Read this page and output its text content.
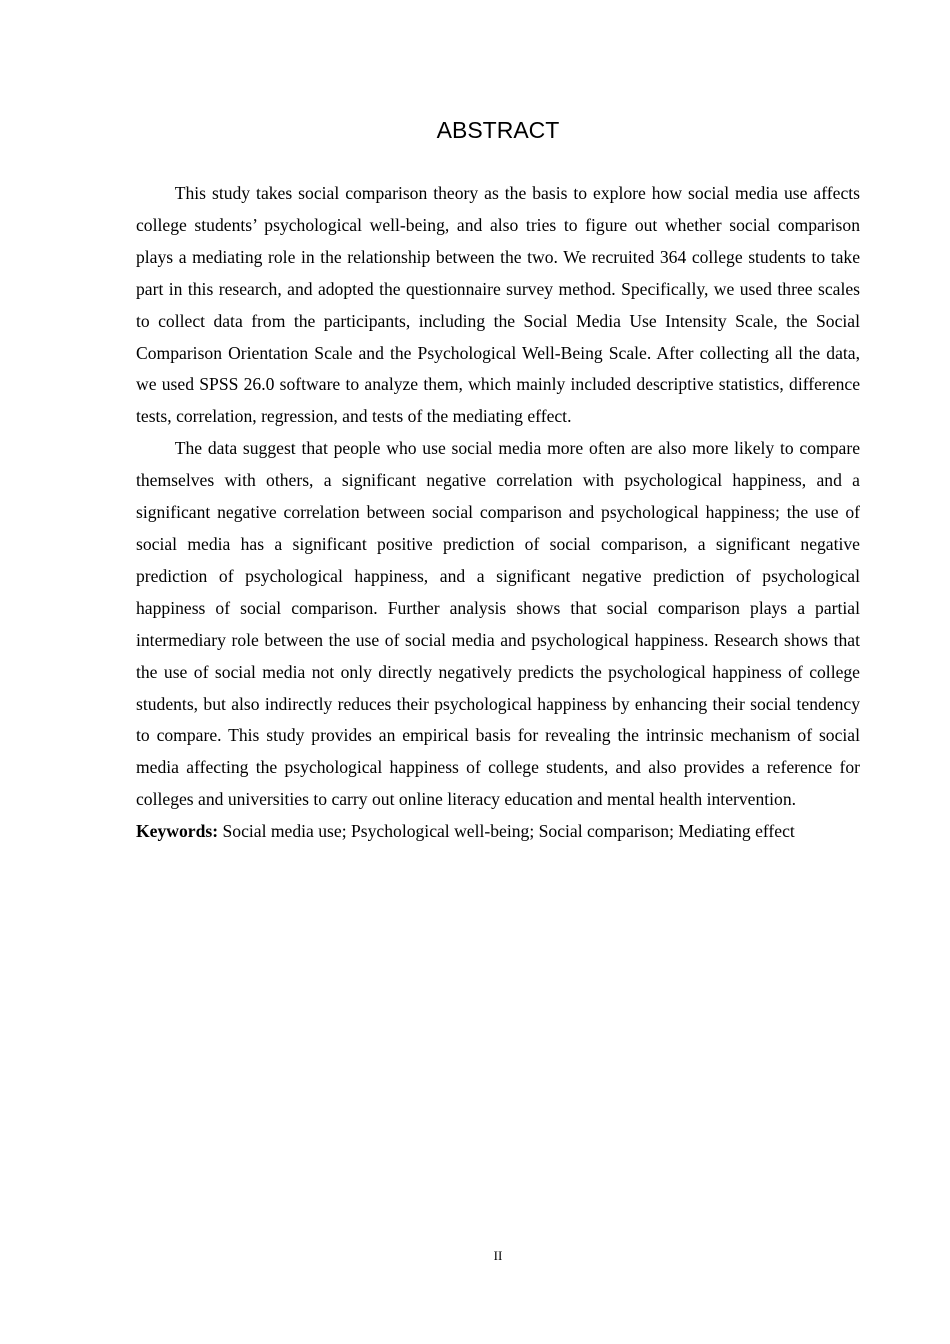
ABSTRACT

This study takes social comparison theory as the basis to explore how social media use affects college students’ psychological well-being, and also tries to figure out whether social comparison plays a mediating role in the relationship between the two. We recruited 364 college students to take part in this research, and adopted the questionnaire survey method. Specifically, we used three scales to collect data from the participants, including the Social Media Use Intensity Scale, the Social Comparison Orientation Scale and the Psychological Well-Being Scale. After collecting all the data, we used SPSS 26.0 software to analyze them, which mainly included descriptive statistics, difference tests, correlation, regression, and tests of the mediating effect.

The data suggest that people who use social media more often are also more likely to compare themselves with others, a significant negative correlation with psychological happiness, and a significant negative correlation between social comparison and psychological happiness; the use of social media has a significant positive prediction of social comparison, a significant negative prediction of psychological happiness, and a significant negative prediction of psychological happiness of social comparison. Further analysis shows that social comparison plays a partial intermediary role between the use of social media and psychological happiness. Research shows that the use of social media not only directly negatively predicts the psychological happiness of college students, but also indirectly reduces their psychological happiness by enhancing their social tendency to compare. This study provides an empirical basis for revealing the intrinsic mechanism of social media affecting the psychological happiness of college students, and also provides a reference for colleges and universities to carry out online literacy education and mental health intervention.

Keywords: Social media use; Psychological well-being; Social comparison; Mediating effect

II
